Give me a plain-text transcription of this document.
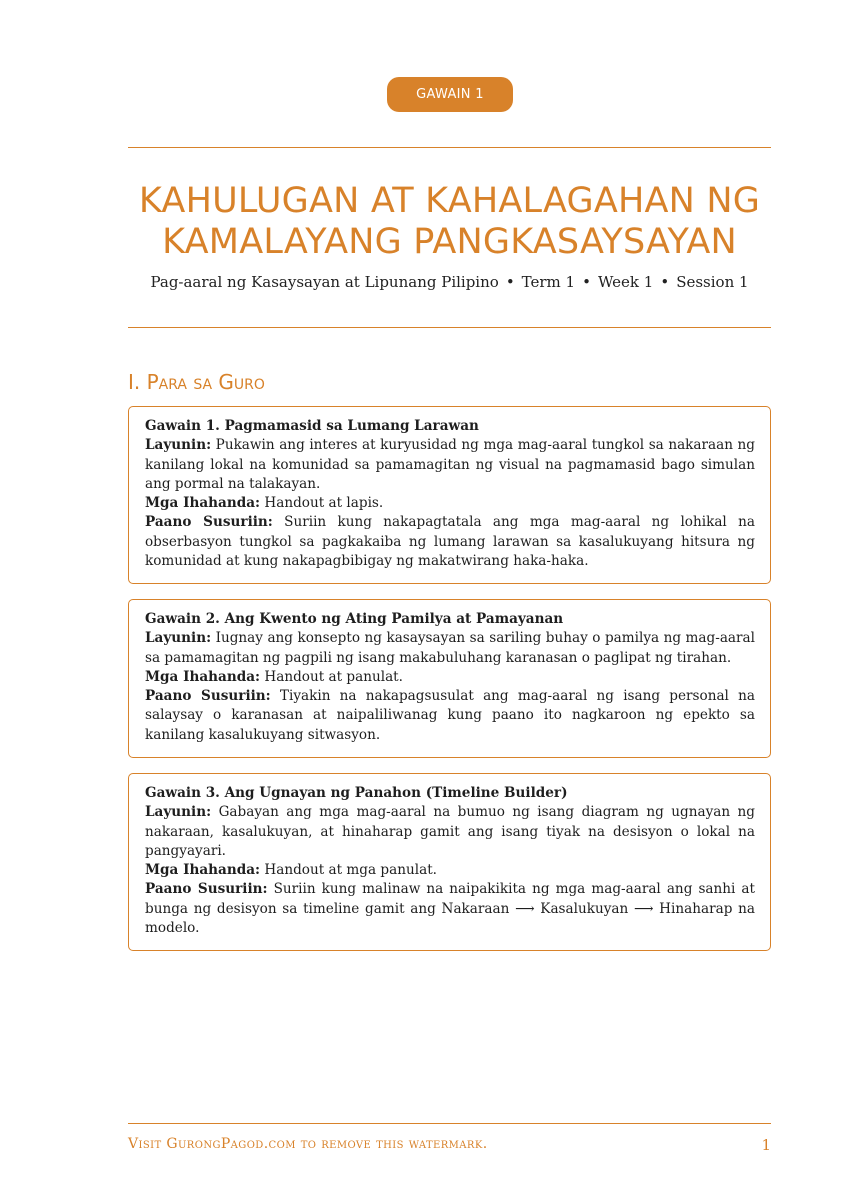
GAWAIN 1
KAHULUGAN AT KAHALAGAHAN NG
KAMALAYANG PANGKASAYSAYAN
Pag-aaral ng Kasaysayan at Lipunang Pilipino • Term 1 • Week 1 • Session 1
I. Para sa Guro

Gawain 1. Pagmamasid sa Lumang Larawan

Layunin: Pukawin ang interes at kuryusidad ng mga mag-aaral tungkol sa nakaraan ng kanilang lokal na komunidad sa pamamagitan ng visual na pagmamasid bago simulan ang pormal na talakayan.

Mga Ihahanda: Handout at lapis.

Paano Susuriin: Suriin kung nakapagtatala ang mga mag-aaral ng lohikal na obserbasyon tungkol sa pagkakaiba ng lumang larawan sa kasalukuyang hitsura ng komunidad at kung nakapagbibigay ng makatwirang haka-haka.

Gawain 2. Ang Kwento ng Ating Pamilya at Pamayanan

Layunin: Iugnay ang konsepto ng kasaysayan sa sariling buhay o pamilya ng mag-aaral sa pamamagitan ng pagpili ng isang makabuluhang karanasan o paglipat ng tirahan.

Mga Ihahanda: Handout at panulat.

Paano Susuriin: Tiyakin na nakapagsusulat ang mag-aaral ng isang personal na salaysay o karanasan at naipaliliwanag kung paano ito nagkaroon ng epekto sa kanilang kasalukuyang sitwasyon.

Gawain 3. Ang Ugnayan ng Panahon (Timeline Builder)

Layunin: Gabayan ang mga mag-aaral na bumuo ng isang diagram ng ugnayan ng nakaraan, kasalukuyan, at hinaharap gamit ang isang tiyak na desisyon o lokal na pangyayari.

Mga Ihahanda: Handout at mga panulat.

Paano Susuriin: Suriin kung malinaw na naipakikita ng mga mag-aaral ang sanhi at bunga ng desisyon sa timeline gamit ang Nakaraan ⟶ Kasalukuyan ⟶ Hinaharap na modelo.

Visit GurongPagod.com to remove this watermark.	1
